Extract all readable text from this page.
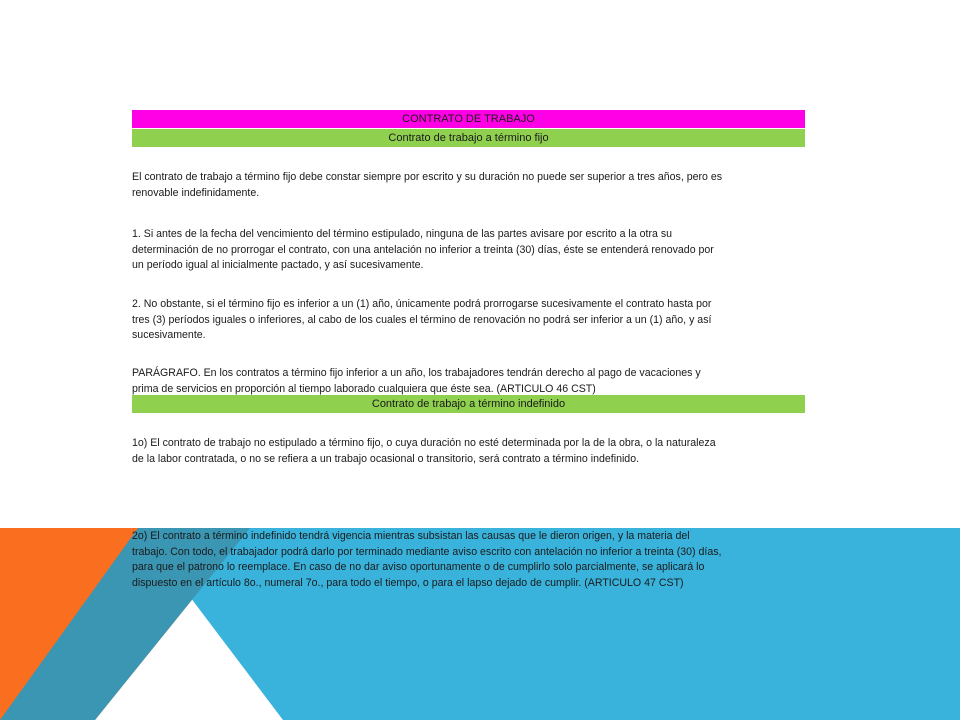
CONTRATO DE TRABAJO
Contrato de trabajo a término fijo
El contrato de trabajo a término fijo debe constar siempre por escrito y su duración no puede ser superior a tres años, pero es
renovable indefinidamente.
1. Si antes de la fecha del vencimiento del término estipulado, ninguna de las partes avisare por escrito a la otra su
determinación de no prorrogar el contrato, con una antelación no inferior a treinta (30) días, éste se entenderá renovado por
un período igual al inicialmente pactado, y así sucesivamente.
2. No obstante, si el término fijo es inferior a un (1) año, únicamente podrá prorrogarse sucesivamente el contrato hasta por
tres (3) períodos iguales o inferiores, al cabo de los cuales el término de renovación no podrá ser inferior a un (1) año, y así
sucesivamente.
PARÁGRAFO. En los contratos a término fijo inferior a un año, los trabajadores tendrán derecho al pago de vacaciones y
prima de servicios en proporción al tiempo laborado cualquiera que éste sea. (ARTICULO 46 CST)
Contrato de trabajo a término indefinido
1o) El contrato de trabajo no estipulado a término fijo, o cuya duración no esté determinada por la de la obra, o la naturaleza
de la labor contratada, o no se refiera a un trabajo ocasional o transitorio, será contrato a término indefinido.
2o) El contrato a término indefinido tendrá vigencia mientras subsistan las causas que le dieron origen, y la materia del
trabajo. Con todo, el trabajador podrá darlo por terminado mediante aviso escrito con antelación no inferior a treinta (30) días,
para que el patrono lo reemplace. En caso de no dar aviso oportunamente o de cumplirlo solo parcialmente, se aplicará lo
dispuesto en el artículo 8o., numeral 7o., para todo el tiempo, o para el lapso dejado de cumplir. (ARTICULO 47 CST)
